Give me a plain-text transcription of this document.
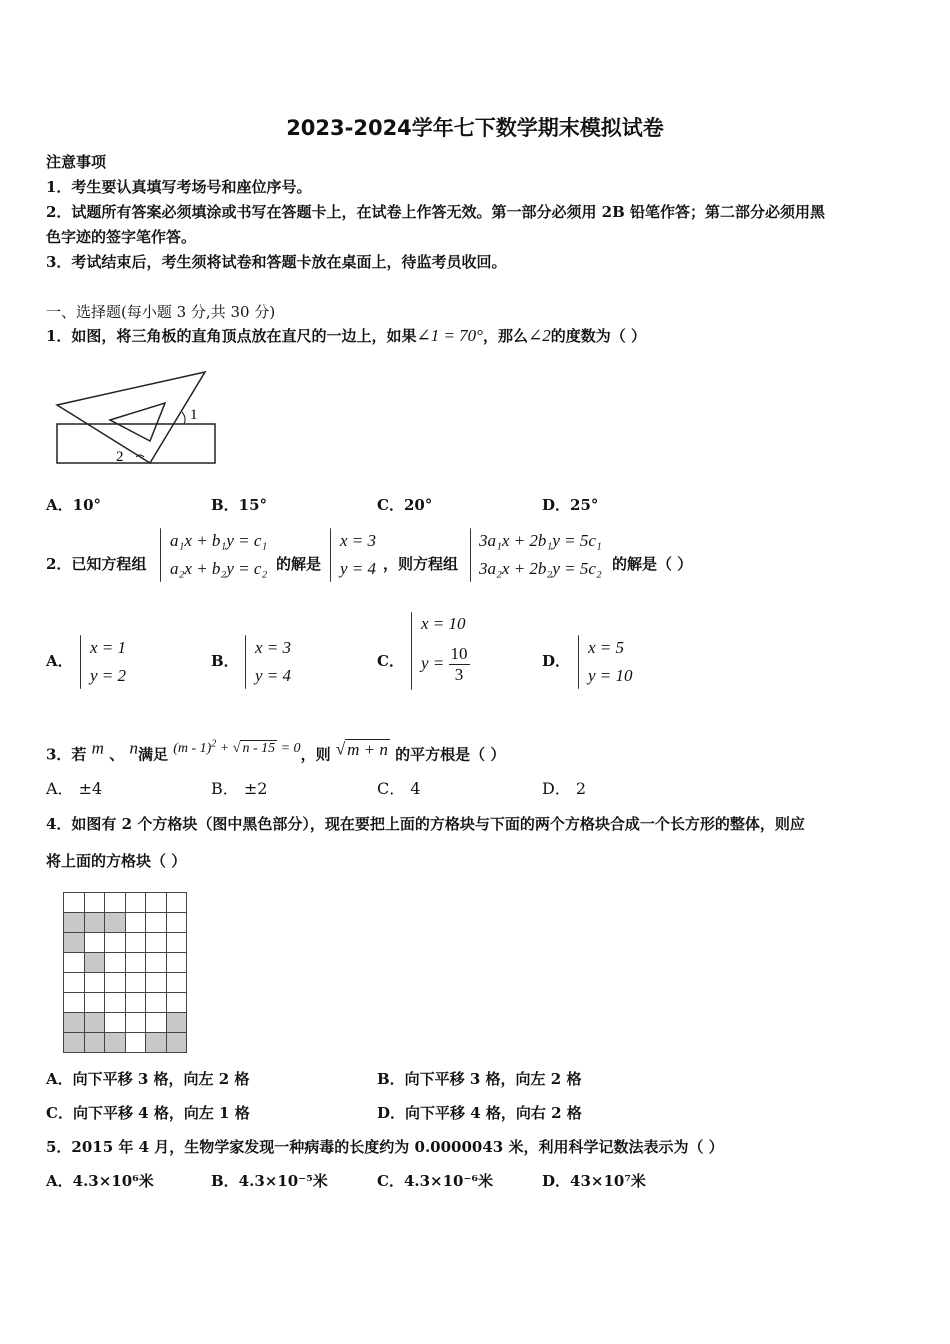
2023-2024学年七下数学期末模拟试卷
注意事项
1．考生要认真填写考场号和座位序号。
2．试题所有答案必须填涂或书写在答题卡上，在试卷上作答无效。第一部分必须用 2B 铅笔作答；第二部分必须用黑
色字迹的签字笔作答。
3．考试结束后，考生须将试卷和答题卡放在桌面上，待监考员收回。
一、选择题(每小题 3 分,共 30 分)
1．如图，将三角板的直角顶点放在直尺的一边上，如果∠1 = 70°，那么∠2的度数为（ ）
1
2
A．10°	B．15°	C．20°	D．25°
2．已知方程组
a₁x + b₁y = c₁
a₂x + b₂y = c₂ 的解是
x = 3
y = 4 ，则方程组
3a₁x + 2b₁y = 5c₁
3a₂x + 2b₂y = 5c₂ 的解是（ ）
A．
x = 1
y = 2
B．
x = 3
y = 4
C．
x = 10
$y = \frac{10}{3}$	D．
x = 5
y = 10
3．若 m 、 n满足 (m - 1)$^2$ + √ n - 15 = 0，则 √ m + n 的平方根是（ ）
A． ±4	B． ±2	C． 4	D． 2
4．如图有 2 个方格块（图中黑色部分），现在要把上面的方格块与下面的两个方格块合成一个长方形的整体，则应
将上面的方格块（ ）

A．向下平移 3 格，向左 2 格	B．向下平移 3 格，向左 2 格
C．向下平移 4 格，向左 1 格	D．向下平移 4 格，向右 2 格
5．2015 年 4 月，生物学家发现一种病毒的长度约为 0.0000043 米，利用科学记数法表示为（ ）
A．4.3×10⁶米	B．4.3×10⁻⁵米	C．4.3×10⁻⁶米	D．43×10⁷米
